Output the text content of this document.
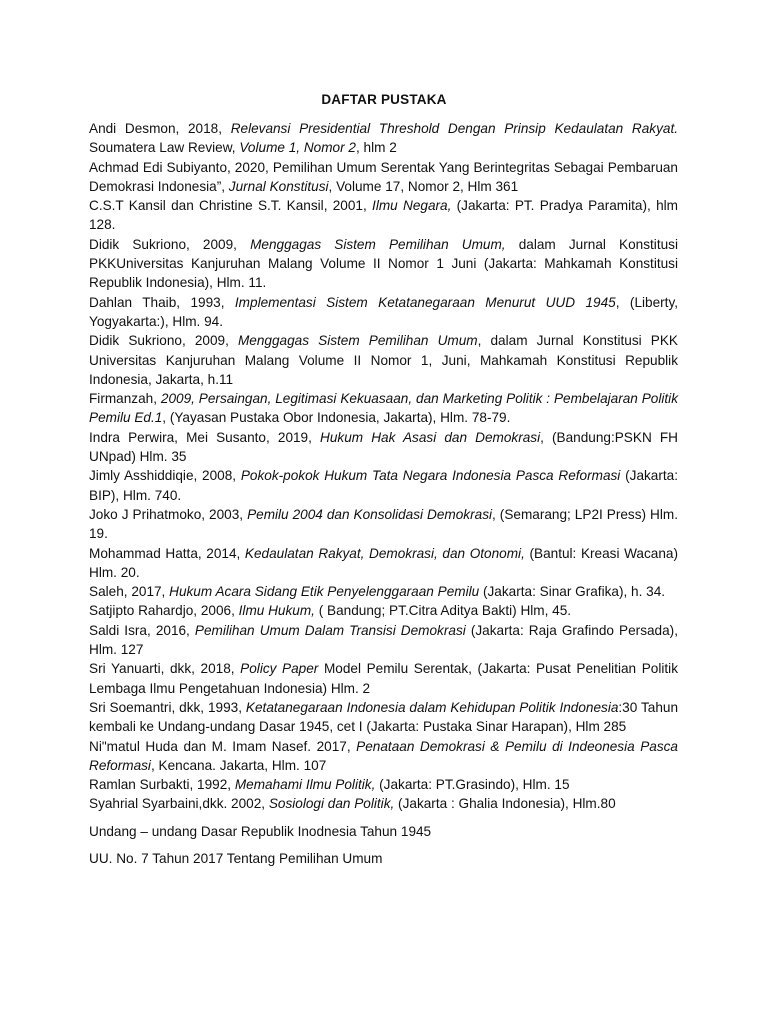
DAFTAR PUSTAKA

Andi Desmon, 2018, Relevansi Presidential Threshold Dengan Prinsip Kedaulatan Rakyat. Soumatera Law Review, Volume 1, Nomor 2, hlm 2

Achmad Edi Subiyanto, 2020, Pemilihan Umum Serentak Yang Berintegritas Sebagai Pembaruan Demokrasi Indonesia”, Jurnal Konstitusi, Volume 17, Nomor 2, Hlm 361

C.S.T Kansil dan Christine S.T. Kansil, 2001, Ilmu Negara, (Jakarta: PT. Pradya Paramita), hlm 128.

Didik Sukriono, 2009, Menggagas Sistem Pemilihan Umum, dalam Jurnal Konstitusi PKKUniversitas Kanjuruhan Malang Volume II Nomor 1 Juni (Jakarta: Mahkamah Konstitusi Republik Indonesia), Hlm. 11.

Dahlan Thaib, 1993, Implementasi Sistem Ketatanegaraan Menurut UUD 1945, (Liberty, Yogyakarta:), Hlm. 94.

Didik Sukriono, 2009, Menggagas Sistem Pemilihan Umum, dalam Jurnal Konstitusi PKK Universitas Kanjuruhan Malang Volume II Nomor 1, Juni, Mahkamah Konstitusi Republik Indonesia, Jakarta, h.11

Firmanzah, 2009, Persaingan, Legitimasi Kekuasaan, dan Marketing Politik : Pembelajaran Politik Pemilu Ed.1, (Yayasan Pustaka Obor Indonesia, Jakarta), Hlm. 78-79.

Indra Perwira, Mei Susanto, 2019, Hukum Hak Asasi dan Demokrasi, (Bandung:PSKN FH UNpad) Hlm. 35

Jimly Asshiddiqie, 2008, Pokok-pokok Hukum Tata Negara Indonesia Pasca Reformasi (Jakarta: BIP), Hlm. 740.

Joko J Prihatmoko, 2003, Pemilu 2004 dan Konsolidasi Demokrasi, (Semarang; LP2I Press) Hlm. 19.

Mohammad Hatta, 2014, Kedaulatan Rakyat, Demokrasi, dan Otonomi, (Bantul: Kreasi Wacana) Hlm. 20.

Saleh, 2017, Hukum Acara Sidang Etik Penyelenggaraan Pemilu (Jakarta: Sinar Grafika), h. 34.

Satjipto Rahardjo, 2006, Ilmu Hukum, ( Bandung; PT.Citra Aditya Bakti) Hlm, 45.

Saldi Isra, 2016, Pemilihan Umum Dalam Transisi Demokrasi (Jakarta: Raja Grafindo Persada), Hlm. 127

Sri Yanuarti, dkk, 2018, Policy Paper Model Pemilu Serentak, (Jakarta: Pusat Penelitian Politik Lembaga Ilmu Pengetahuan Indonesia) Hlm. 2

Sri Soemantri, dkk, 1993, Ketatanegaraan Indonesia dalam Kehidupan Politik Indonesia:30 Tahun kembali ke Undang-undang Dasar 1945, cet I (Jakarta: Pustaka Sinar Harapan), Hlm 285

Ni"matul Huda dan M. Imam Nasef. 2017, Penataan Demokrasi & Pemilu di Indeonesia Pasca Reformasi, Kencana. Jakarta, Hlm. 107

Ramlan Surbakti, 1992, Memahami Ilmu Politik, (Jakarta: PT.Grasindo), Hlm. 15

Syahrial Syarbaini,dkk. 2002, Sosiologi dan Politik, (Jakarta : Ghalia Indonesia), Hlm.80

Undang – undang Dasar Republik Inodnesia Tahun 1945

UU. No. 7 Tahun 2017 Tentang Pemilihan Umum
